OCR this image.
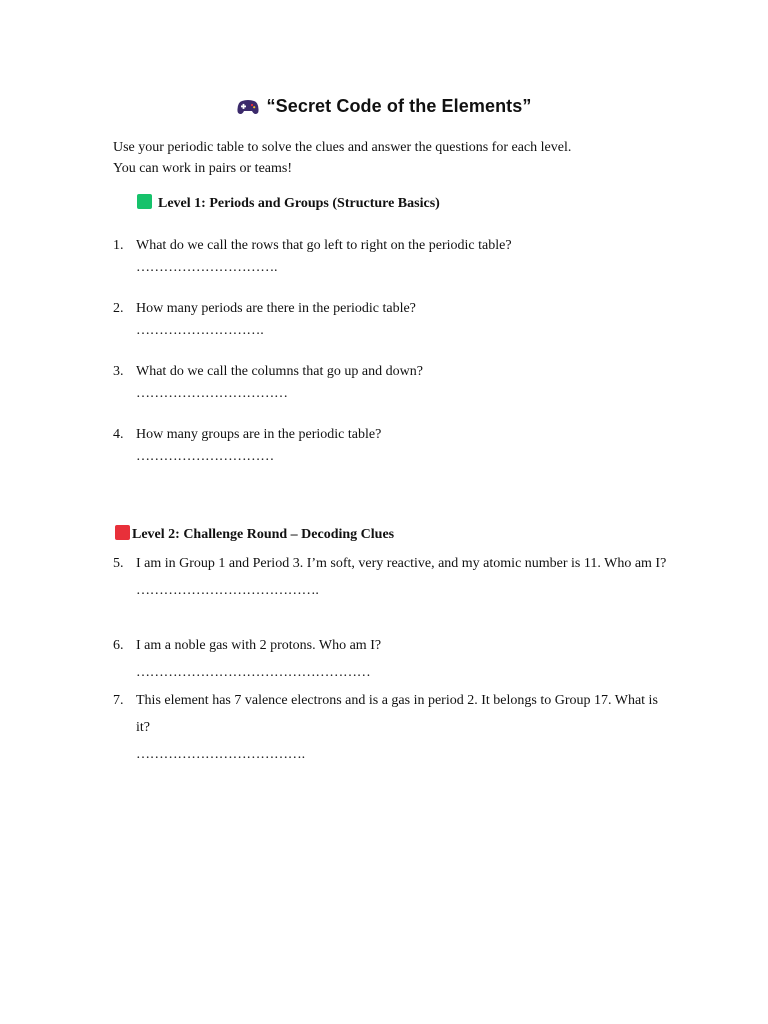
“Secret Code of the Elements”
Use your periodic table to solve the clues and answer the questions for each level.
You can work in pairs or teams!
Level 1: Periods and Groups (Structure Basics)
1. What do we call the rows that go left to right on the periodic table?
………………………….
2. How many periods are there in the periodic table?
……………………….
3. What do we call the columns that go up and down?
……………………………
4. How many groups are in the periodic table?
…………………………
Level 2: Challenge Round – Decoding Clues
5. I am in Group 1 and Period 3. I’m soft, very reactive, and my atomic number is 11. Who am I?
………………………………….
6. I am a noble gas with 2 protons. Who am I?
……………………………………………
7. This element has 7 valence electrons and is a gas in period 2. It belongs to Group 17. What is it?
……………………………….
